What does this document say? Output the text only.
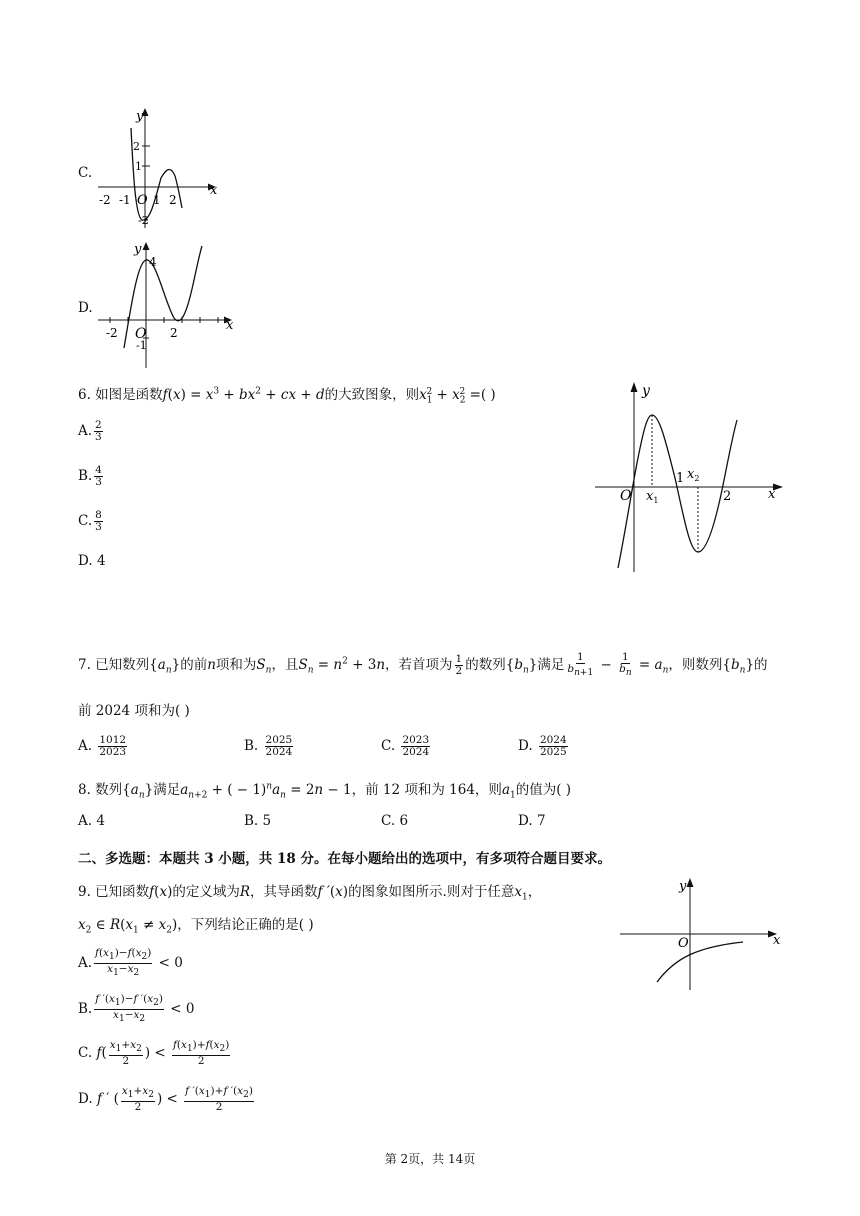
C.
y
x
2
1
-2
-2 -1 O 1 2
D.
y
x
4
-1
-2 O 2
6. 如图是函数$f(x) = x^3 + bx^2$ + cx + d的大致图象，则$x_1^2 + x_2^2$ =( )
A. $\frac{2}{3}$
B. $\frac{4}{3}$
C. $\frac{8}{3}$
D. 4
y
x
O $x_1$
1 $x_2$
2
7. 已知数列$\{a_n\}$的前n项和为$S_n$，且$S_n = n^2 + 3n$，若首项为 $\frac{1}{2}$ 的数列$\{b_n\}$满足 $\frac{1}{b_{n+1}} - \frac{1}{b_n} = a_n$，则数列$\{b_n\}$的
前 2024 项和为( )
A. $\frac{1012}{2023}$	B. $\frac{2025}{2024}$	C. $\frac{2023}{2024}$	D. $\frac{2024}{2025}$
8. 数列$\{a_n\}$满足$a_{n+2}$ + ( − $1)^na_n = 2n - 1$，前 12 项和为 164，则$a_1$的值为( )
A. 4	B. 5	C. 6	D. 7
二、多选题：本题共 3 小题，共 18 分。在每小题给出的选项中，有多项符合题目要求。
9. 已知函数f(x)的定义域为R，其导函数f ′(x)的图象如图所示.则对于任意$x_1$，
$x_2$ ∈ $R(x_1 \ne x_2)$，下列结论正确的是( )
A. $\frac{f(x_1)-f(x_2)}{x_1-x_2} < 0$
B. $\frac{f '(x_1)-f '(x_2)}{x_1-x_2} < 0$
C. $f( \frac{x_1+x_2}{2}$ ) < $\frac{f(x_1)+f(x_2)}{2}$
D. f ′ ( $\frac{x_1+x_2}{2}$ ) < $\frac{f '(x_1)+f '(x_2)}{2}$
y
x
O
第 2页，共 14页
